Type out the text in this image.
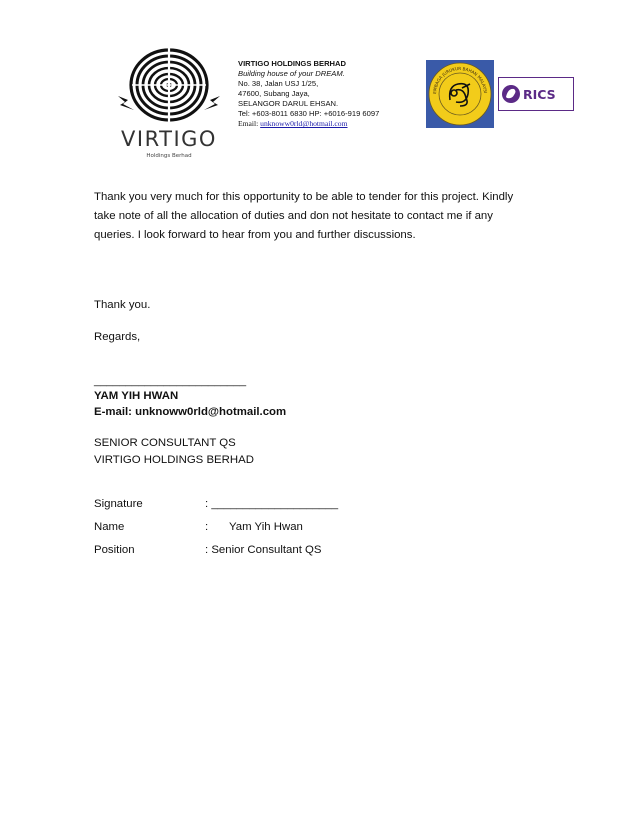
VIRTIGO
Holdings Berhad
VIRTIGO HOLDINGS BERHAD
Building house of your DREAM.
No. 38, Jalan USJ 1/25,
47600, Subang Jaya,
SELANGOR DARUL EHSAN.
Tel: +603-8011 6830 HP: +6016-919 6097
Email: unknoww0rld@hotmail.com
EMBAGA JURUKUR BAHAN MALAYSI	RICS
Thank you very much for this opportunity to be able to tender for this project. Kindly
take note of all the allocation of duties and don not hesitate to contact me if any
queries. I look forward to hear from you and further discussions.
Thank you.
Regards,
________________________
YAM YIH HWAN
E-mail: unknoww0rld@hotmail.com
SENIOR CONSULTANT QS
VIRTIGO HOLDINGS BERHAD
Signature	: ____________________
Name	: Yam Yih Hwan
Position	: Senior Consultant QS
